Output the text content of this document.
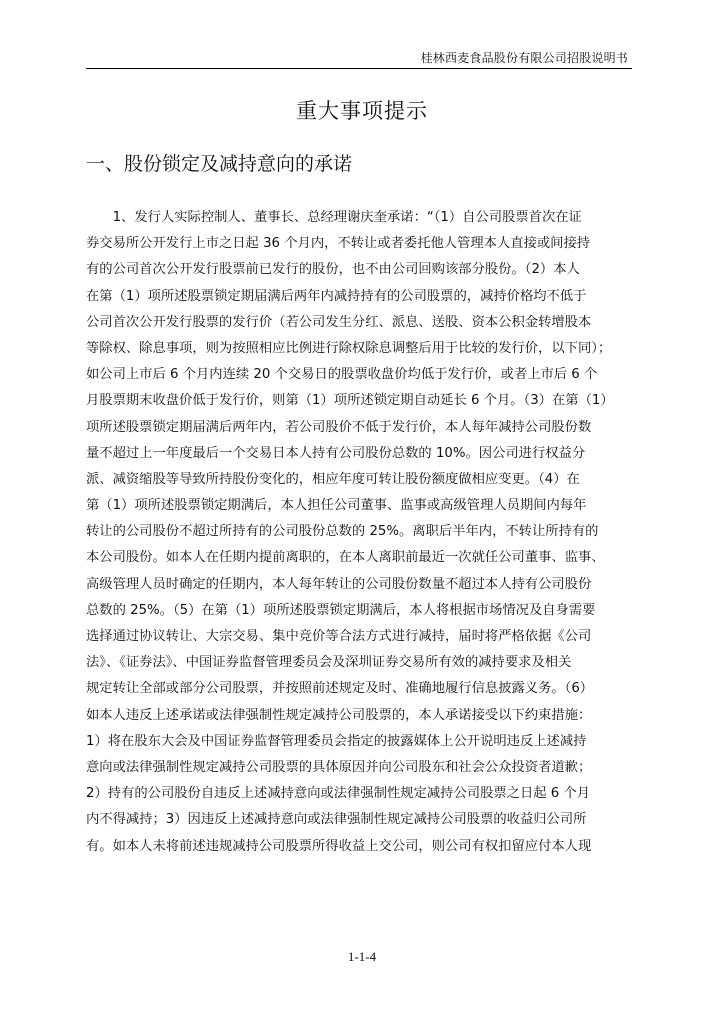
桂林西麦食品股份有限公司招股说明书
重大事项提示
一、股份锁定及减持意向的承诺
　　1、发行人实际控制人、董事长、总经理谢庆奎承诺：“（1）自公司股票首次在证
券交易所公开发行上市之日起 36 个月内，不转让或者委托他人管理本人直接或间接持
有的公司首次公开发行股票前已发行的股份，也不由公司回购该部分股份。（2）本人
在第（1）项所述股票锁定期届满后两年内减持持有的公司股票的，减持价格均不低于
公司首次公开发行股票的发行价（若公司发生分红、派息、送股、资本公积金转增股本
等除权、除息事项，则为按照相应比例进行除权除息调整后用于比较的发行价，以下同）；
如公司上市后 6 个月内连续 20 个交易日的股票收盘价均低于发行价，或者上市后 6 个
月股票期末收盘价低于发行价，则第（1）项所述锁定期自动延长 6 个月。（3）在第（1）
项所述股票锁定期届满后两年内，若公司股价不低于发行价，本人每年减持公司股份数
量不超过上一年度最后一个交易日本人持有公司股份总数的 10%。因公司进行权益分
派、减资缩股等导致所持股份变化的，相应年度可转让股份额度做相应变更。（4）在
第（1）项所述股票锁定期满后，本人担任公司董事、监事或高级管理人员期间内每年
转让的公司股份不超过所持有的公司股份总数的 25%。离职后半年内，不转让所持有的
本公司股份。如本人在任期内提前离职的，在本人离职前最近一次就任公司董事、监事、
高级管理人员时确定的任期内，本人每年转让的公司股份数量不超过本人持有公司股份
总数的 25%。（5）在第（1）项所述股票锁定期满后，本人将根据市场情况及自身需要
选择通过协议转让、大宗交易、集中竞价等合法方式进行减持，届时将严格依据《公司
法》、《证券法》、中国证券监督管理委员会及深圳证券交易所有效的减持要求及相关
规定转让全部或部分公司股票，并按照前述规定及时、准确地履行信息披露义务。（6）
如本人违反上述承诺或法律强制性规定减持公司股票的，本人承诺接受以下约束措施：
1）将在股东大会及中国证券监督管理委员会指定的披露媒体上公开说明违反上述减持
意向或法律强制性规定减持公司股票的具体原因并向公司股东和社会公众投资者道歉；
2）持有的公司股份自违反上述减持意向或法律强制性规定减持公司股票之日起 6 个月
内不得减持；3）因违反上述减持意向或法律强制性规定减持公司股票的收益归公司所
有。如本人未将前述违规减持公司股票所得收益上交公司，则公司有权扣留应付本人现
1-1-4
